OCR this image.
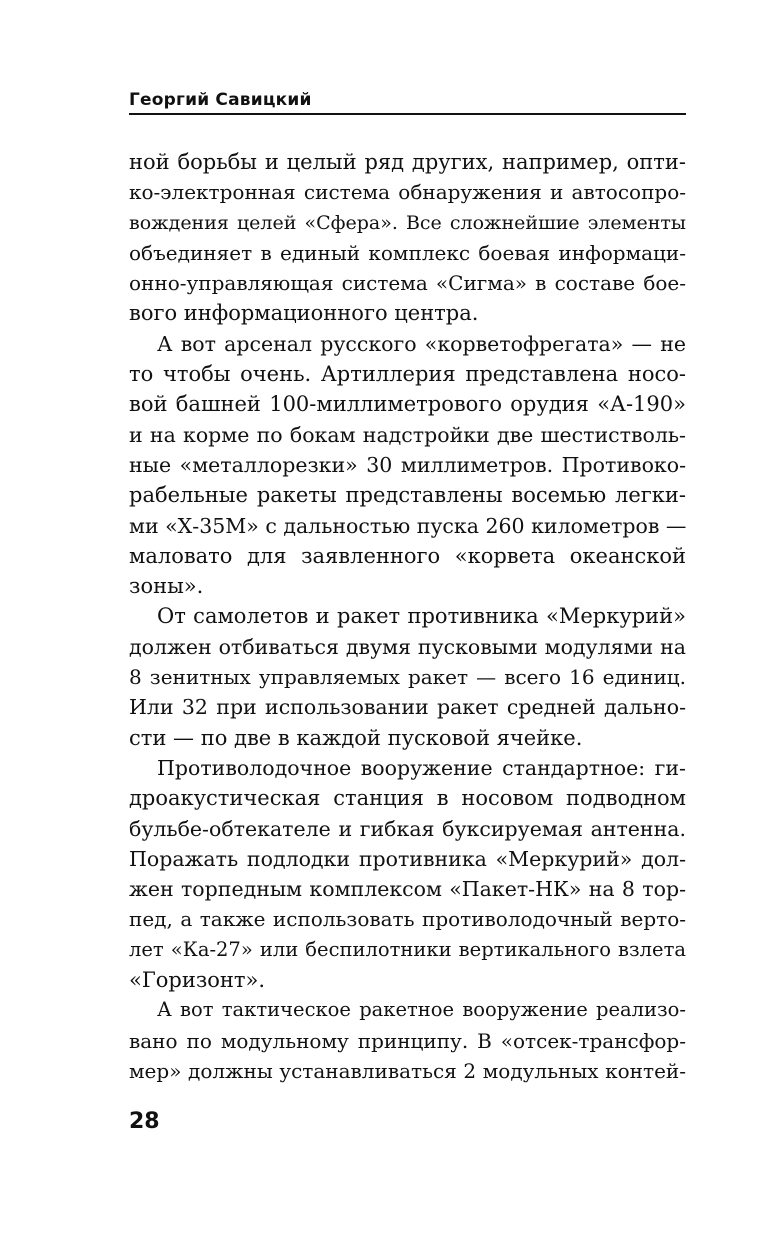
Георгий Савицкий
ной борьбы и целый ряд других, например, опти-
ко-электронная система обнаружения и автосопро-
вождения целей «Сфера». Все сложнейшие элементы
объединяет в единый комплекс боевая информаци-
онно-управляющая система «Сигма» в составе бое-
вого информационного центра.
А вот арсенал русского «корветофрегата» — не
то чтобы очень. Артиллерия представлена носо-
вой башней 100-миллиметрового орудия «А-190»
и на корме по бокам надстройки две шестистволь-
ные «металлорезки» 30 миллиметров. Противоко-
рабельные ракеты представлены восемью легки-
ми «Х-35М» с дальностью пуска 260 километров —
маловато для заявленного «корвета океанской
зоны».
От самолетов и ракет противника «Меркурий»
должен отбиваться двумя пусковыми модулями на
8 зенитных управляемых ракет — всего 16 единиц.
Или 32 при использовании ракет средней дально-
сти — по две в каждой пусковой ячейке.
Противолодочное вооружение стандартное: ги-
дроакустическая станция в носовом подводном
бульбе-обтекателе и гибкая буксируемая антенна.
Поражать подлодки противника «Меркурий» дол-
жен торпедным комплексом «Пакет-НК» на 8 тор-
пед, а также использовать противолодочный верто-
лет «Ка-27» или беспилотники вертикального взлета
«Горизонт».
А вот тактическое ракетное вооружение реализо-
вано по модульному принципу. В «отсек-трансфор-
мер» должны устанавливаться 2 модульных контей-
28
